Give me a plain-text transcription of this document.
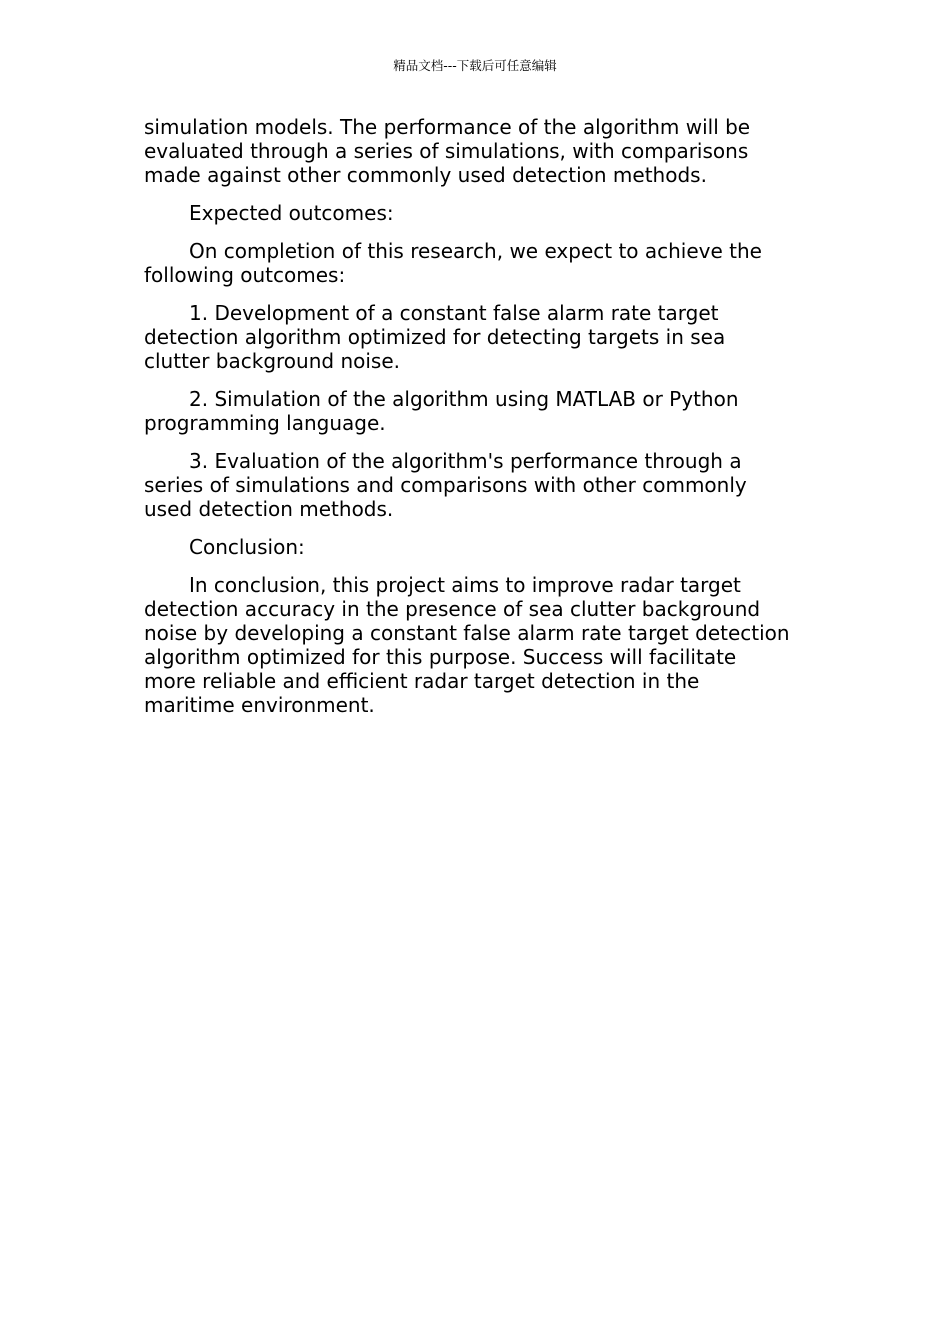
精品文档---下载后可任意编辑

simulation models. The performance of the algorithm will be evaluated through a series of simulations, with comparisons made against other commonly used detection methods.

Expected outcomes:

On completion of this research, we expect to achieve the following outcomes:

1. Development of a constant false alarm rate target detection algorithm optimized for detecting targets in sea clutter background noise.

2. Simulation of the algorithm using MATLAB or Python programming language.

3. Evaluation of the algorithm's performance through a series of simulations and comparisons with other commonly used detection methods.

Conclusion:

In conclusion, this project aims to improve radar target detection accuracy in the presence of sea clutter background noise by developing a constant false alarm rate target detection algorithm optimized for this purpose. Success will facilitate more reliable and efficient radar target detection in the maritime environment.
